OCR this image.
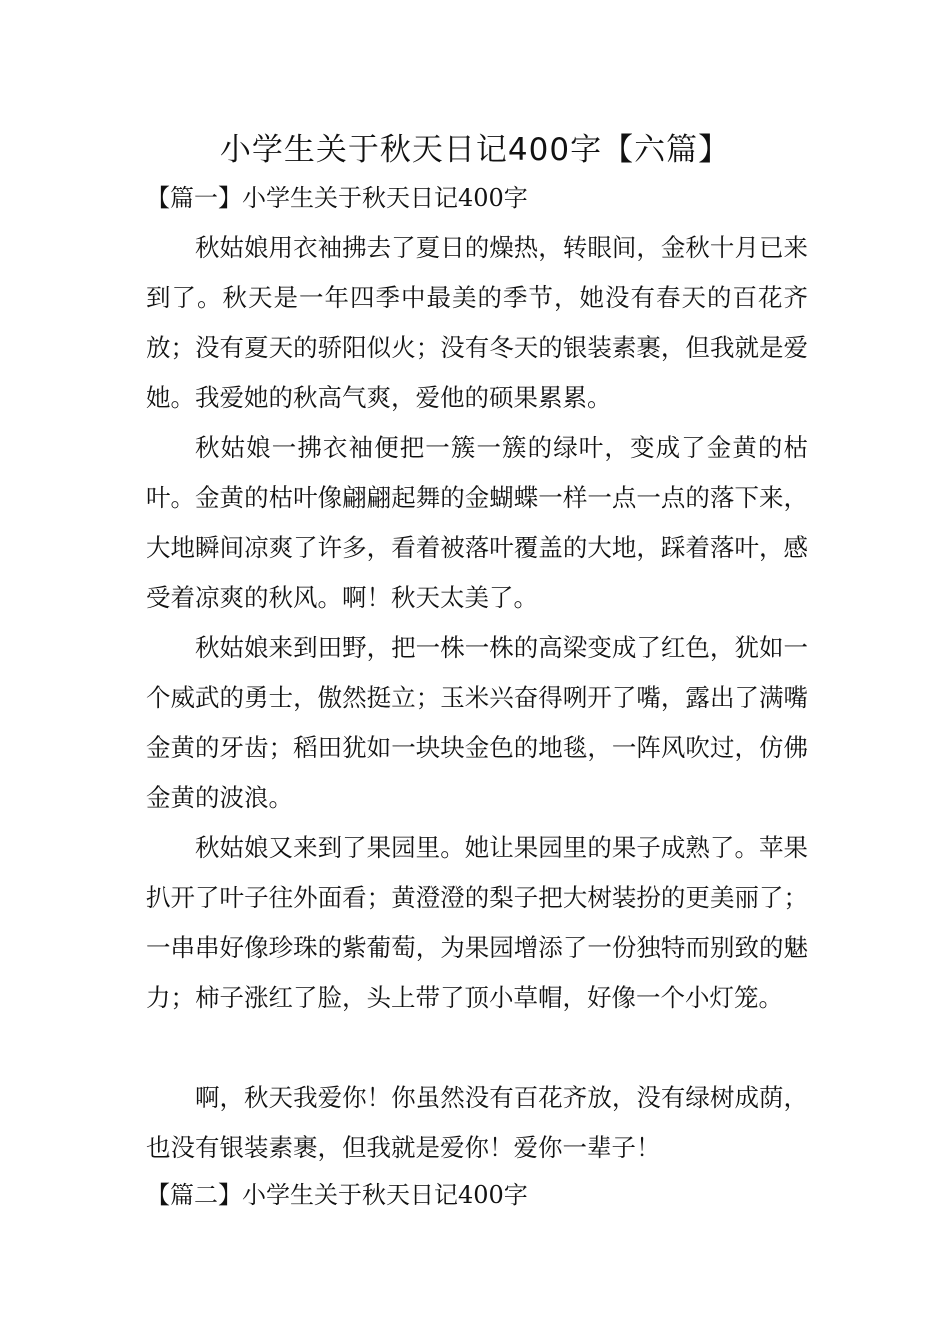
小学生关于秋天日记400字【六篇】
【篇一】小学生关于秋天日记400字

秋姑娘用衣袖拂去了夏日的燥热，转眼间，金秋十月已来到了。秋天是一年四季中最美的季节，她没有春天的百花齐放；没有夏天的骄阳似火；没有冬天的银装素裹，但我就是爱她。我爱她的秋高气爽，爱他的硕果累累。

秋姑娘一拂衣袖便把一簇一簇的绿叶，变成了金黄的枯叶。金黄的枯叶像翩翩起舞的金蝴蝶一样一点一点的落下来，大地瞬间凉爽了许多，看着被落叶覆盖的大地，踩着落叶，感受着凉爽的秋风。啊！秋天太美了。

秋姑娘来到田野，把一株一株的高梁变成了红色，犹如一个威武的勇士，傲然挺立；玉米兴奋得咧开了嘴，露出了满嘴金黄的牙齿；稻田犹如一块块金色的地毯，一阵风吹过，仿佛金黄的波浪。

秋姑娘又来到了果园里。她让果园里的果子成熟了。苹果扒开了叶子往外面看；黄澄澄的梨子把大树装扮的更美丽了；一串串好像珍珠的紫葡萄，为果园增添了一份独特而别致的魅力；柿子涨红了脸，头上带了顶小草帽，好像一个小灯笼。

啊，秋天我爱你！你虽然没有百花齐放，没有绿树成荫，也没有银装素裹，但我就是爱你！爱你一辈子！

【篇二】小学生关于秋天日记400字
